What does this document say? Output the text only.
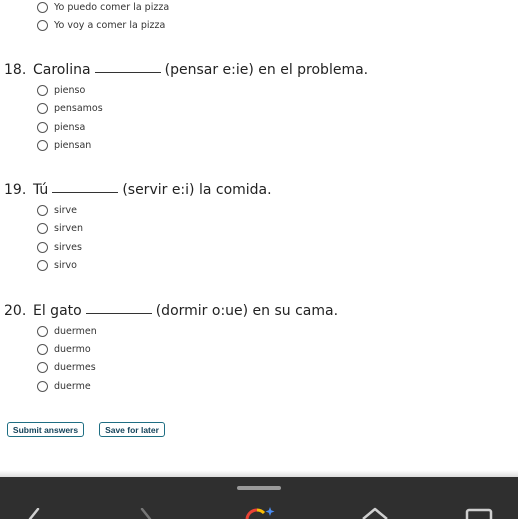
Yo puedo comer la pizza
Yo voy a comer la pizza
18. Carolina	(pensar e:ie) en el problema.
pienso
pensamos
piensa
piensan
19. Tú	(servir e:i) la comida.
sirve
sirven
sirves
sirvo
20. El gato	(dormir o:ue) en su cama.
duermen
duermo
duermes
duerme
Submit answers	Save for later
